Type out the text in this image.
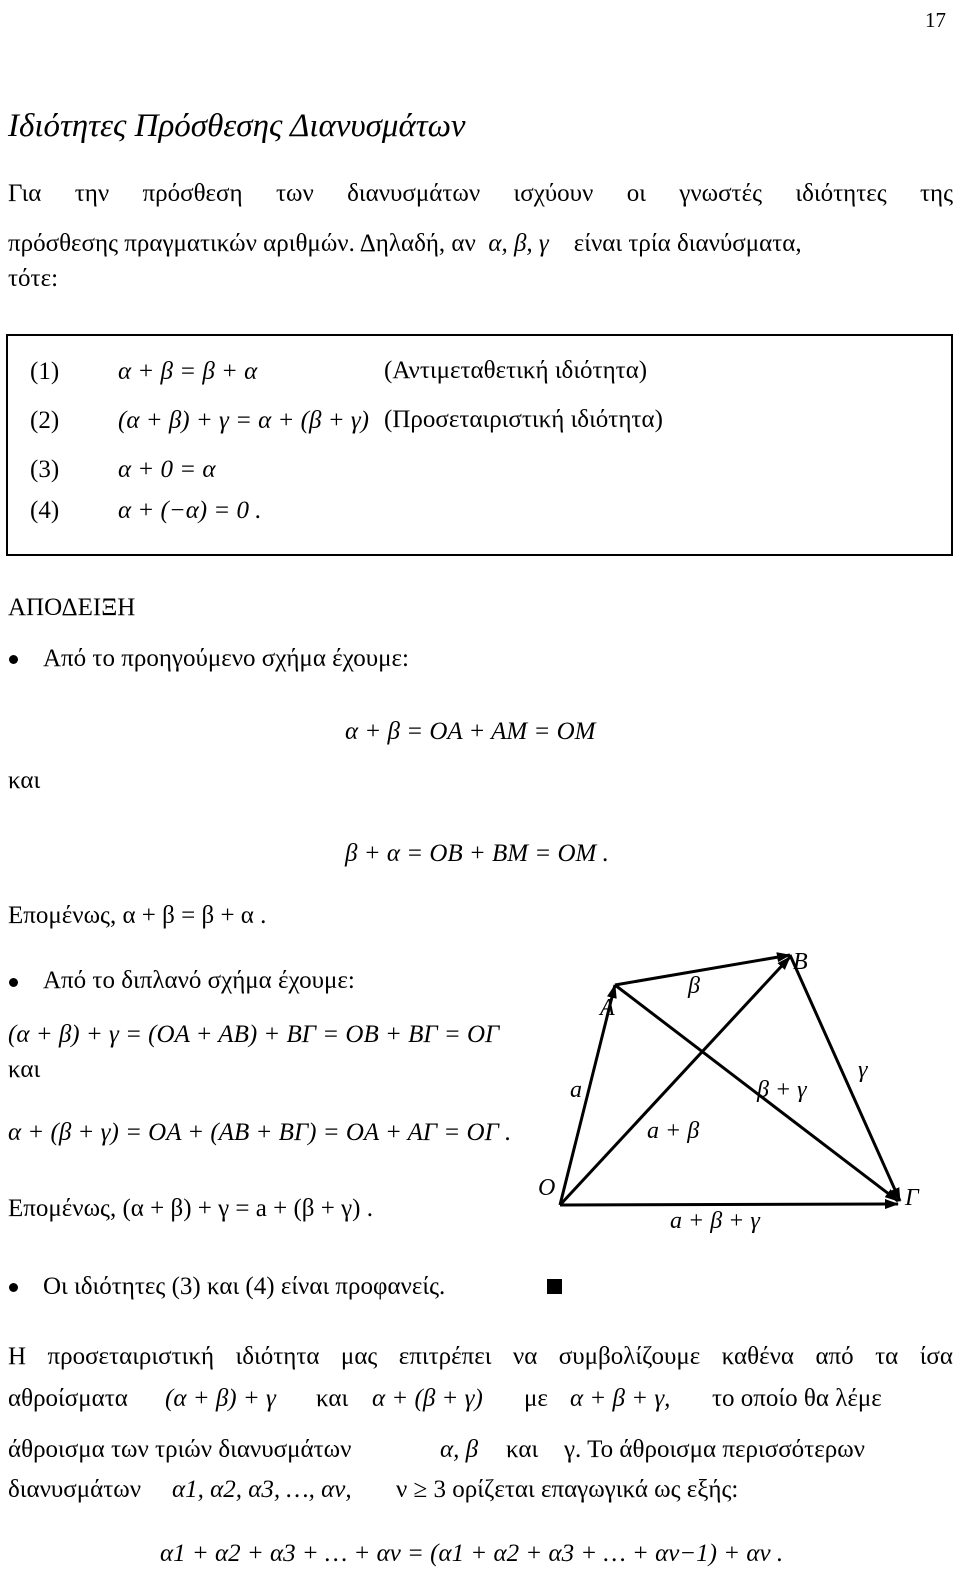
17
Ιδιότητες Πρόσθεσης Διανυσμάτων
Για την πρόσθεση των διανυσμάτων ισχύουν οι γνωστές ιδιότητες της
πρόσθεσης πραγματικών αριθμών. Δηλαδή, αν α, β, γ είναι τρία διανύσματα,
τότε:
(1) α + β = β + α	(Αντιμεταθετική ιδιότητα)
(2) (α + β) + γ = α + (β + γ) (Προσεταιριστική ιδιότητα)
(3) α + 0 = α
(4) α + (−α) = 0 .
ΑΠΟΔΕΙΞΗ
Από το προηγούμενο σχήμα έχουμε:
α + β = OA + AM = OM
και
β + α = OB + BM = OM .
Επομένως, α + β = β + α .
Από το διπλανό σχήμα έχουμε:
(α + β) + γ = (OA + AB) + BΓ = OB + BΓ = OΓ
και
α + (β + γ) = OA + (AB + BΓ) = OA + AΓ = OΓ .
Επομένως, (α + β) + γ = a + (β + γ) .
O
A
B
Γ
a
β
γ
a + β
β + γ
a + β + γ
Οι ιδιότητες (3) και (4) είναι προφανείς.
Η προσεταιριστική ιδιότητα μας επιτρέπει να συμβολίζουμε καθένα από τα ίσα
αθροίσματα (α + β) + γ και α + (β + γ) με α + β + γ, το οποίο θα λέμε
άθροισμα των τριών διανυσμάτων	α, β και γ. Το άθροισμα περισσότερων
διανυσμάτων α1, α2, α3, …, αν, ν ≥ 3 ορίζεται επαγωγικά ως εξής:
α1 + α2 + α3 + … + αν = (α1 + α2 + α3 + … + αν−1) + αν .
